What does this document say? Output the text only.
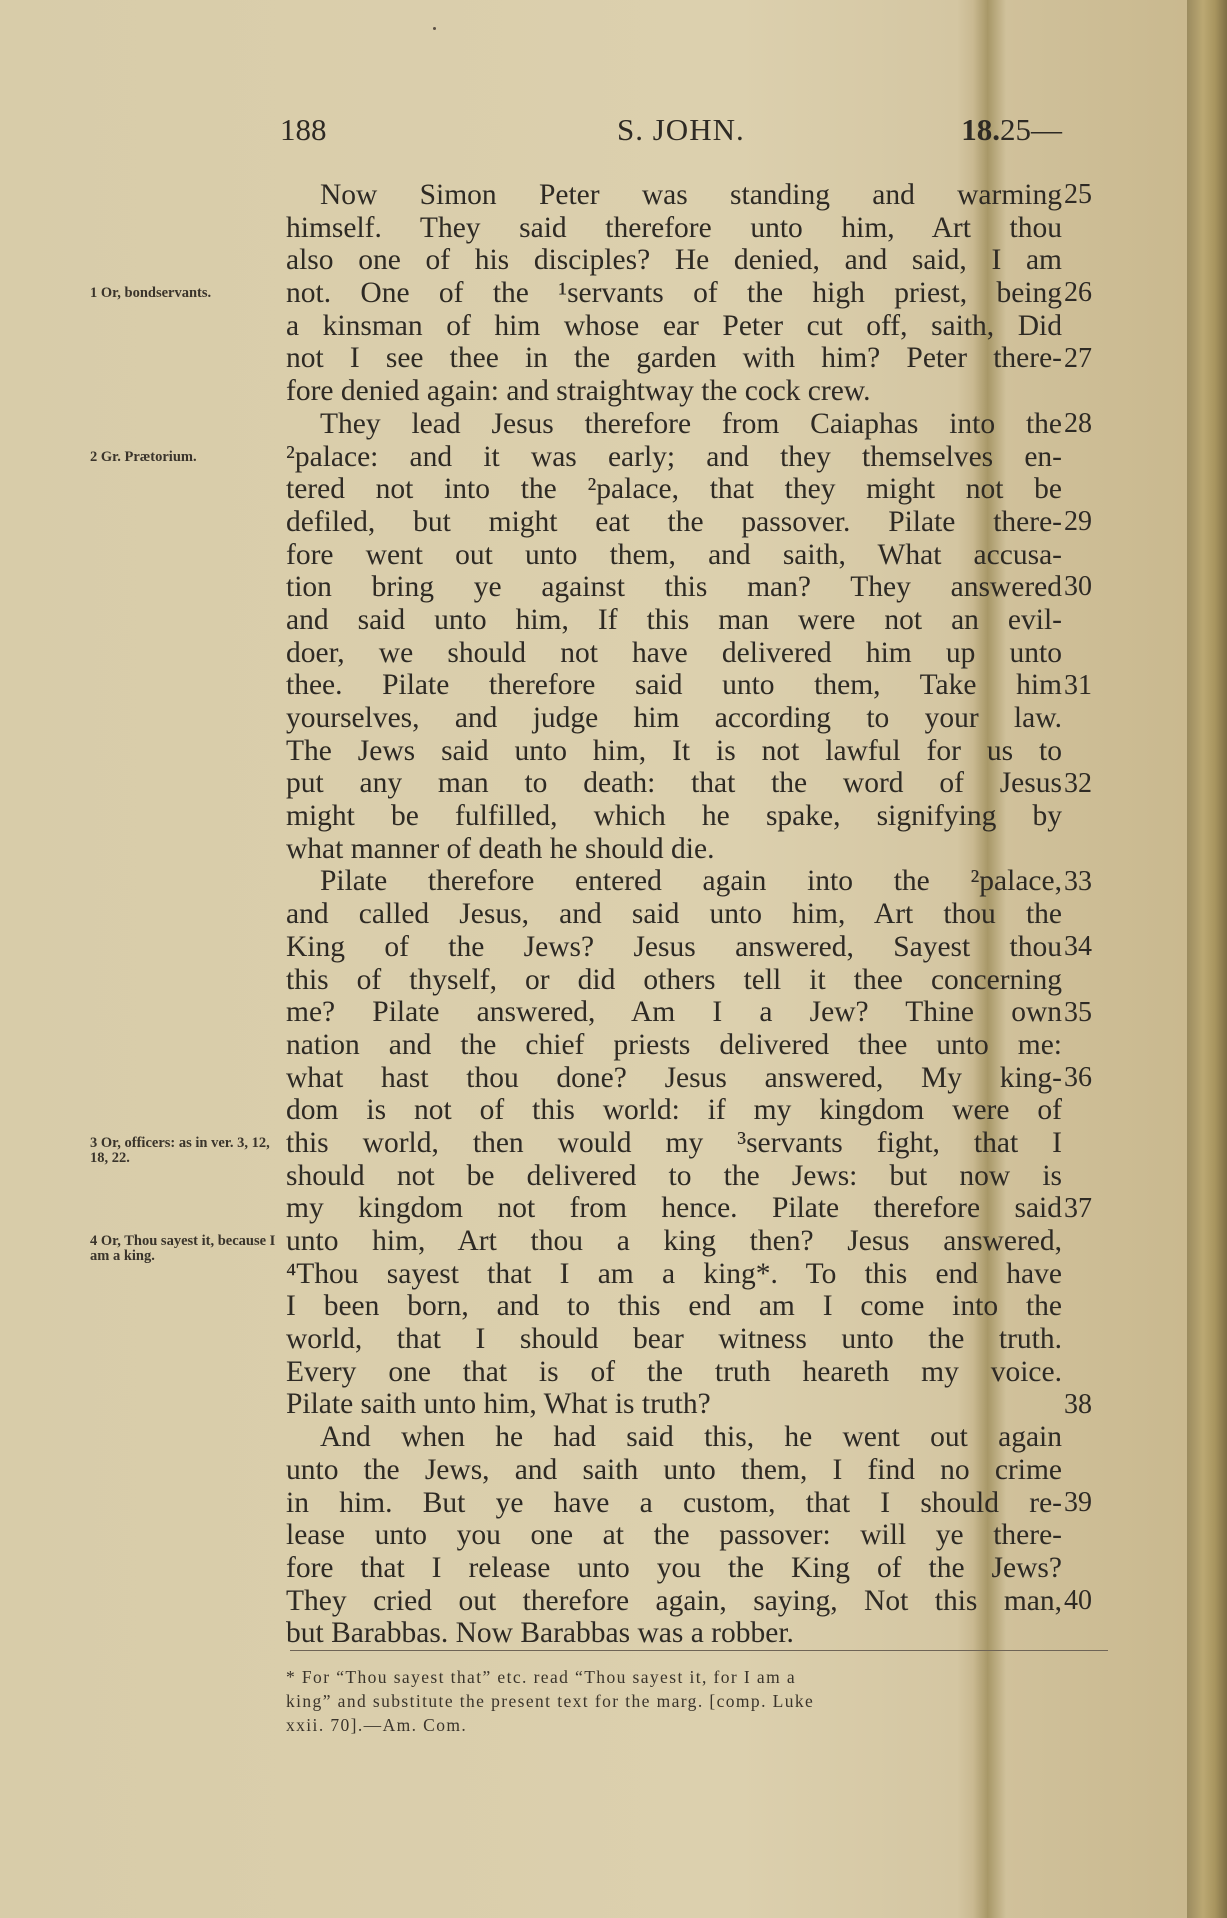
188	S. JOHN.	18.25—
Now Simon Peter was standing and warming
himself. They said therefore unto him, Art thou
also one of his disciples? He denied, and said, I am
not. One of the ¹servants of the high priest, being
a kinsman of him whose ear Peter cut off, saith, Did
not I see thee in the garden with him? Peter there-
fore denied again: and straightway the cock crew.
They lead Jesus therefore from Caiaphas into the
²palace: and it was early; and they themselves en-
tered not into the ²palace, that they might not be
defiled, but might eat the passover. Pilate there-
fore went out unto them, and saith, What accusa-
tion bring ye against this man? They answered
and said unto him, If this man were not an evil-
doer, we should not have delivered him up unto
thee. Pilate therefore said unto them, Take him
yourselves, and judge him according to your law.
The Jews said unto him, It is not lawful for us to
put any man to death: that the word of Jesus
might be fulfilled, which he spake, signifying by
what manner of death he should die.
Pilate therefore entered again into the ²palace,
and called Jesus, and said unto him, Art thou the
King of the Jews? Jesus answered, Sayest thou
this of thyself, or did others tell it thee concerning
me? Pilate answered, Am I a Jew? Thine own
nation and the chief priests delivered thee unto me:
what hast thou done? Jesus answered, My king-
dom is not of this world: if my kingdom were of
this world, then would my ³servants fight, that I
should not be delivered to the Jews: but now is
my kingdom not from hence. Pilate therefore said
unto him, Art thou a king then? Jesus answered,
⁴Thou sayest that I am a king*. To this end have
I been born, and to this end am I come into the
world, that I should bear witness unto the truth.
Every one that is of the truth heareth my voice.
Pilate saith unto him, What is truth?
And when he had said this, he went out again
unto the Jews, and saith unto them, I find no crime
in him. But ye have a custom, that I should re-
lease unto you one at the passover: will ye there-
fore that I release unto you the King of the Jews?
They cried out therefore again, saying, Not this man,
but Barabbas. Now Barabbas was a robber.
25
26
27
28
29
30
31
32
33
34
35
36
37
38
39
40
1 Or, bondservants.
2 Gr. Prætorium.
3 Or, officers: as in ver. 3, 12, 18, 22.
4 Or, Thou sayest it, because I am a king.
* For “Thou sayest that” etc. read “Thou sayest it, for I am a
king” and substitute the present text for the marg. [comp. Luke
xxii. 70].—Am. Com.
